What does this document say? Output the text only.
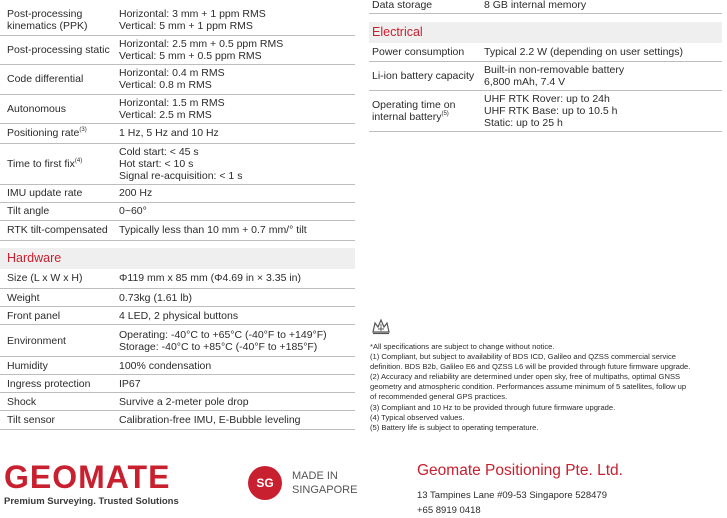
Post-processing kinematics (PPK)	Horizontal: 3 mm + 1 ppm RMS
Vertical: 5 mm + 1 ppm RMS

Post-processing static	Horizontal: 2.5 mm + 0.5 ppm RMS
Vertical: 5 mm + 0.5 ppm RMS

Code differential	Horizontal: 0.4 m RMS
Vertical: 0.8 m RMS

Autonomous	Horizontal: 1.5 m RMS
Vertical: 2.5 m RMS

Positioning rate$^{(3)}$	1 Hz, 5 Hz and 10 Hz

Time to first fix$^{(4)}$	Cold start: < 45 s
Hot start: < 10 s
Signal re-acquisition: < 1 s

IMU update rate	200 Hz

Tilt angle	0~60°

RTK tilt-compensated	Typically less than 10 mm + 0.7 mm/° tilt
Hardware
Size (L x W x H)	Φ119 mm x 85 mm (Φ4.69 in × 3.35 in)

Weight	0.73kg (1.61 lb)

Front panel	4 LED, 2 physical buttons

Environment	Operating: -40°C to +65°C (-40°F to +149°F)
Storage: -40°C to +85°C (-40°F to +185°F)

Humidity	100% condensation

Ingress protection	IP67

Shock	Survive a 2-meter pole drop

Tilt sensor	Calibration-free IMU, E-Bubble leveling
Data storage	8 GB internal memory
Electrical
Power consumption	Typical 2.2 W (depending on user settings)

Li-ion battery capacity	Built-in non-removable battery
6,800 mAh, 7.4 V

Operating time on internal battery$^{(5)}$	UHF RTK Rover: up to 24h
UHF RTK Base: up to 10.5 h
Static: up to 25 h
*All specifications are subject to change without notice.
(1) Compliant, but subject to availability of BDS ICD, Galileo and QZSS commercial service
definition. BDS B2b, Galileo E6 and QZSS L6 will be provided through future firmware upgrade.
(2) Accuracy and reliability are determined under open sky, free of multipaths, optimal GNSS
geometry and atmospheric condition. Performances assume minimum of 5 satellites, follow up
of recommended general GPS practices.
(3) Compliant and 10 Hz to be provided through future firmware upgrade.
(4) Typical observed values.
(5) Battery life is subject to operating temperature.
GEOMATE
Premium Surveying. Trusted Solutions
SG	MADE IN
SINGAPORE
Geomate Positioning Pte. Ltd.
13 Tampines Lane #09-53 Singapore 528479
+65 8919 0418
